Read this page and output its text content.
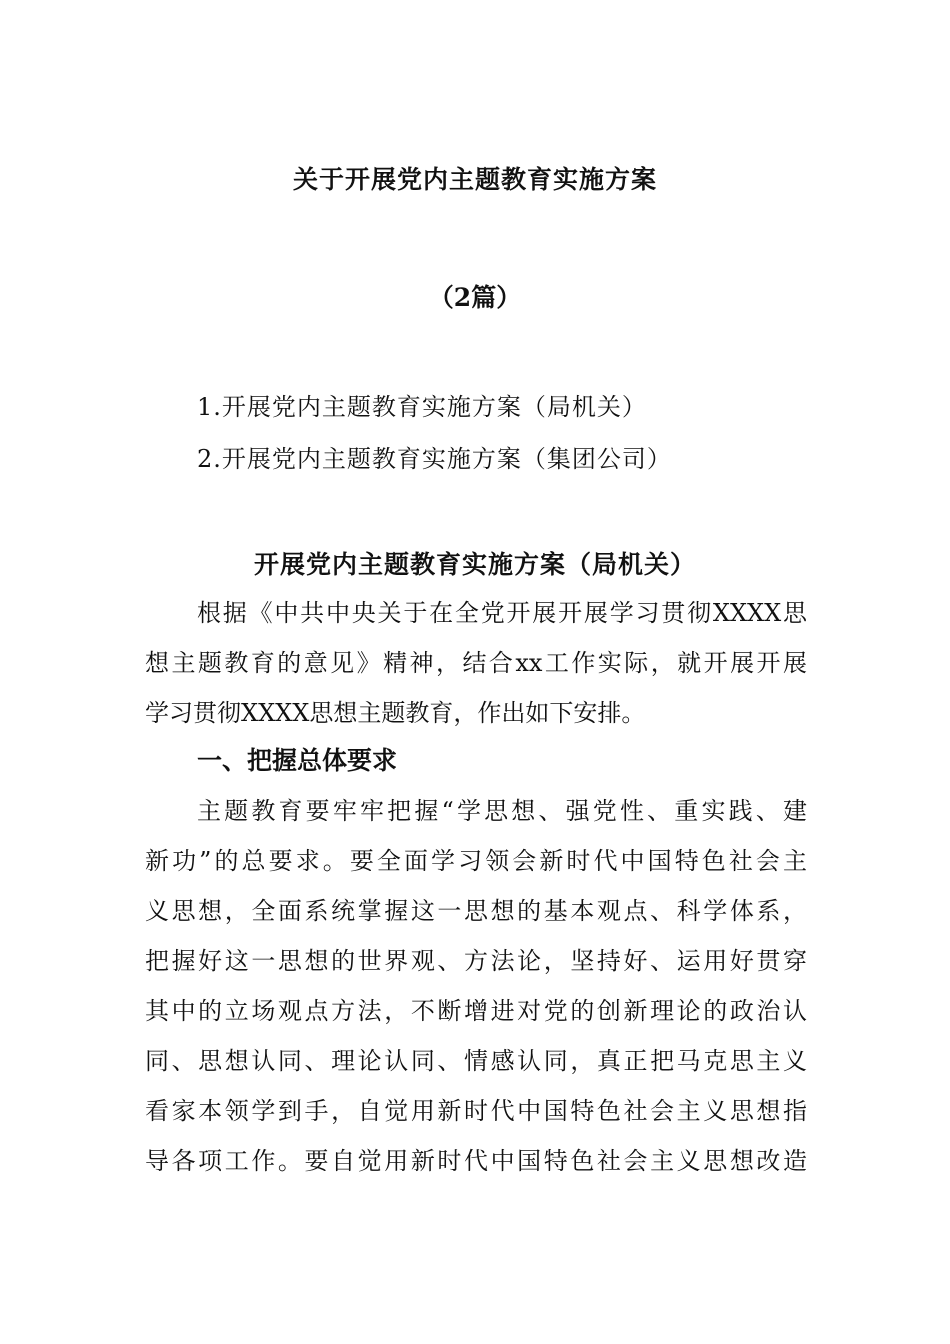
关于开展党内主题教育实施方案
（2篇）
1.开展党内主题教育实施方案（局机关）
2.开展党内主题教育实施方案（集团公司）
开展党内主题教育实施方案（局机关）
根据《中共中央关于在全党开展开展学习贯彻XXXX思
想主题教育的意见》精神，结合xx工作实际，就开展开展
学习贯彻XXXX思想主题教育，作出如下安排。
一、把握总体要求
主题教育要牢牢把握“学思想、强党性、重实践、建
新功”的总要求。要全面学习领会新时代中国特色社会主
义思想，全面系统掌握这一思想的基本观点、科学体系，
把握好这一思想的世界观、方法论，坚持好、运用好贯穿
其中的立场观点方法，不断增进对党的创新理论的政治认
同、思想认同、理论认同、情感认同，真正把马克思主义
看家本领学到手，自觉用新时代中国特色社会主义思想指
导各项工作。要自觉用新时代中国特色社会主义思想改造
